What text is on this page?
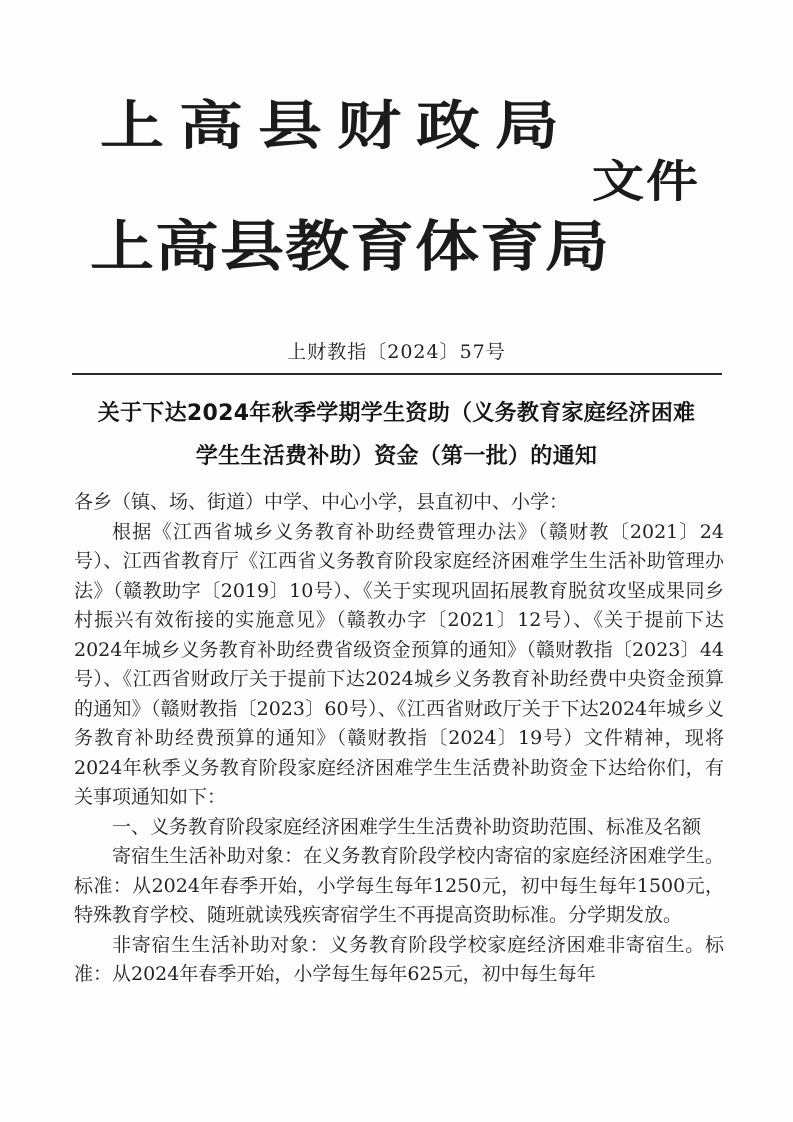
上高县财政局
文件
上高县教育体育局
上财教指〔2024〕57号
关于下达2024年秋季学期学生资助（义务教育家庭经济困难
学生生活费补助）资金（第一批）的通知

各乡（镇、场、街道）中学、中心小学，县直初中、小学：

根据《江西省城乡义务教育补助经费管理办法》（赣财教〔2021〕24号）、江西省教育厅《江西省义务教育阶段家庭经济困难学生生活补助管理办法》（赣教助字〔2019〕10号）、《关于实现巩固拓展教育脱贫攻坚成果同乡村振兴有效衔接的实施意见》（赣教办字〔2021〕12号）、《关于提前下达2024年城乡义务教育补助经费省级资金预算的通知》（赣财教指〔2023〕44号）、《江西省财政厅关于提前下达2024城乡义务教育补助经费中央资金预算的通知》（赣财教指〔2023〕60号）、《江西省财政厅关于下达2024年城乡义务教育补助经费预算的通知》（赣财教指〔2024〕19号）文件精神，现将2024年秋季义务教育阶段家庭经济困难学生生活费补助资金下达给你们，有关事项通知如下：

一、义务教育阶段家庭经济困难学生生活费补助资助范围、标准及名额

寄宿生生活补助对象：在义务教育阶段学校内寄宿的家庭经济困难学生。标准：从2024年春季开始，小学每生每年1250元，初中每生每年1500元，特殊教育学校、随班就读残疾寄宿学生不再提高资助标准。分学期发放。

非寄宿生生活补助对象：义务教育阶段学校家庭经济困难非寄宿生。标准：从2024年春季开始，小学每生每年625元，初中每生每年
